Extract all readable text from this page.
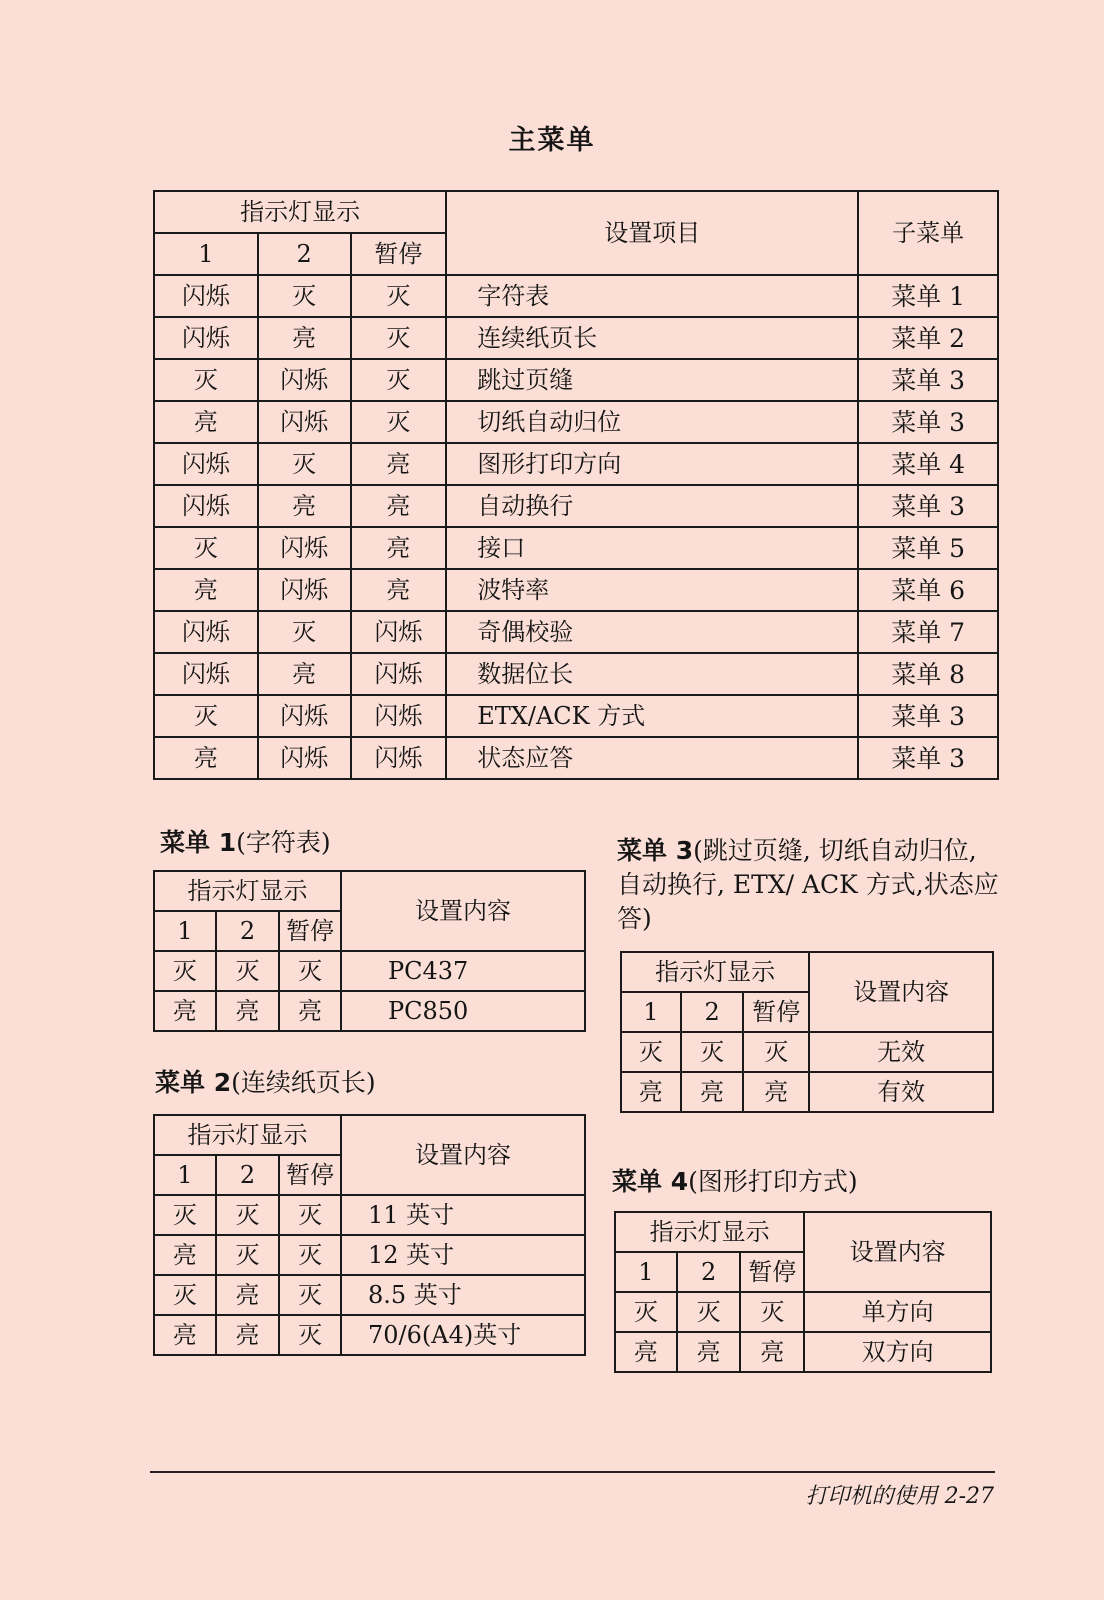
主菜单
指示灯显示			设置项目	子菜单
1	2	暂停		
闪烁	灭	灭	字符表	菜单 1
闪烁	亮	灭	连续纸页长	菜单 2
灭	闪烁	灭	跳过页缝	菜单 3
亮	闪烁	灭	切纸自动归位	菜单 3
闪烁	灭	亮	图形打印方向	菜单 4
闪烁	亮	亮	自动换行	菜单 3
灭	闪烁	亮	接口	菜单 5
亮	闪烁	亮	波特率	菜单 6
闪烁	灭	闪烁	奇偶校验	菜单 7
闪烁	亮	闪烁	数据位长	菜单 8
灭	闪烁	闪烁	ETX/ACK 方式	菜单 3
亮	闪烁	闪烁	状态应答	菜单 3
菜单 1(字符表)
指示灯显示			设置内容
1	2	暂停	
灭	灭	灭	PC437
亮	亮	亮	PC850
菜单 2(连续纸页长)
指示灯显示			设置内容
1	2	暂停	
灭	灭	灭	11 英寸
亮	灭	灭	12 英寸
灭	亮	灭	8.5 英寸
亮	亮	灭	70/6(A4)英寸
菜单 3(跳过页缝, 切纸自动归位, 自动换行, ETX/ ACK 方式,状态应答)
指示灯显示			设置内容
1	2	暂停	
灭	灭	灭	无效
亮	亮	亮	有效
菜单 4(图形打印方式)
指示灯显示			设置内容
1	2	暂停	
灭	灭	灭	单方向
亮	亮	亮	双方向
打印机的使用 2-27
